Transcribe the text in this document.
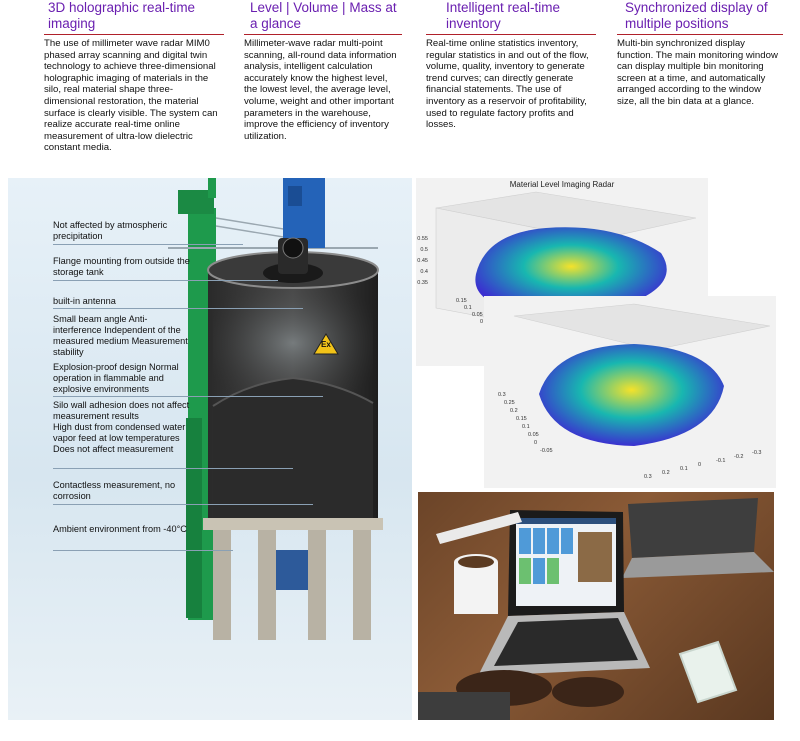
3D holographic real-time imaging

The use of millimeter wave radar MIM0 phased array scanning and digital twin technology to achieve three-dimensional holographic imaging of materials in the silo, real material shape three-dimensional restoration, the material surface is clearly visible. The system can realize accurate real-time online measurement of ultra-low dielectric constant media.

Level | Volume | Mass at a glance

Millimeter-wave radar multi-point scanning, all-round data information analysis, intelligent calculation accurately know the highest level, the lowest level, the average level, volume, weight and other important parameters in the warehouse, improve the efficiency of inventory utilization.

Intelligent real-time inventory

Real-time online statistics inventory, regular statistics in and out of the flow, volume, quality, inventory to generate trend curves; can directly generate financial statements. The use of inventory as a reservoir of profitability, used to regulate factory profits and losses.

Synchronized display of multiple positions

Multi-bin synchronized display function. The main monitoring window can display multiple bin monitoring screen at a time, and automatically arranged according to the window size, all the bin data at a glance.

Ex
Not affected by atmospheric precipitation
Flange mounting from outside the storage tank
built-in antenna
Small beam angle Anti-interference Independent of the measured medium Measurement stability
Explosion-proof design Normal operation in flammable and explosive environments
Silo wall adhesion does not affect measurement results
High dust from condensed water vapor feed at low temperatures Does not affect measurement
Contactless measurement, no corrosion
Ambient environment from -40°C
Material Level Imaging Radar
0.55
0.5
0.45
0.4
0.35
0.15
0.1
0.05
0
0.3
0.25
0.2
0.15
0.1
0.05
0
-0.05
0.3
0.2
0.1
0
-0.1
-0.2
-0.3
